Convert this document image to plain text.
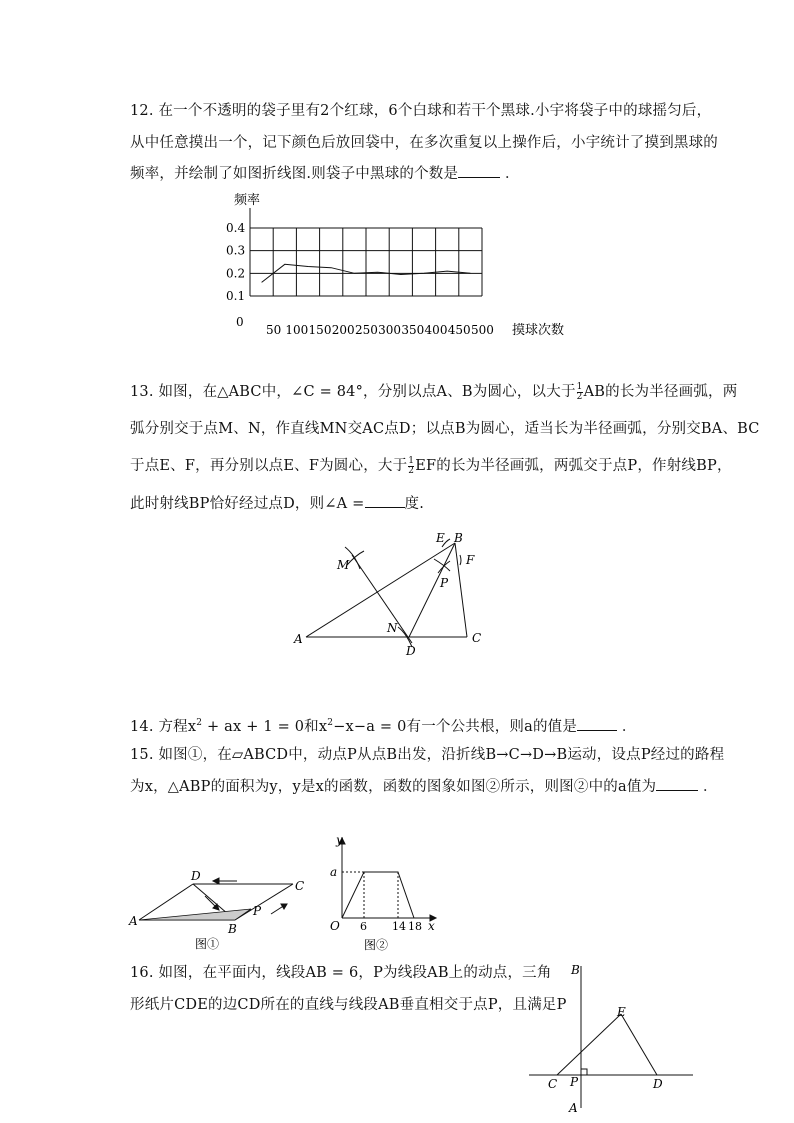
12. 在一个不透明的袋子里有2个红球，6个白球和若干个黑球.小宇将袋子中的球摇匀后，
从中任意摸出一个，记下颜色后放回袋中，在多次重复以上操作后，小宇统计了摸到黑球的
频率，并绘制了如图折线图.则袋子中黑球的个数是	．
0.4
0.3
0.2
0.1
0
50 100 150 200 250 300 350 400 450 500
频率
摸球次数
13. 如图，在△ABC中，∠C = 84°，分别以点A、B为圆心，以大于 $\frac{1}{2}$ AB的长为半径画弧，两
弧分别交于点M、N，作直线MN交AC点D；以点B为圆心，适当长为半径画弧，分别交BA、BC
于点E、F，再分别以点E、F为圆心，大于 $\frac{1}{2}$ EF的长为半径画弧，两弧交于点P，作射线BP，
此时射线BP恰好经过点D，则∠A =	度.
M
N
E B
F
P
A	C
D
14. 方程$x^2$ + ax + 1 = 0和$x^2-x-a = 0$有一个公共根，则a的值是	．
15. 如图①，在▱ABCD中，动点P从点B出发，沿折线B→C→D→B运动，设点P经过的路程
为x，△ABP的面积为y，y是x的函数，函数的图象如图②所示，则图②中的a值为	．
D
C
A
B
P
图①
y
x
a
O 6 14 18
图②
16. 如图，在平面内，线段AB = 6，P为线段AB上的动点，三角
形纸片CDE的边CD所在的直线与线段AB垂直相交于点P，且满足P
B
E
C P	D
A
